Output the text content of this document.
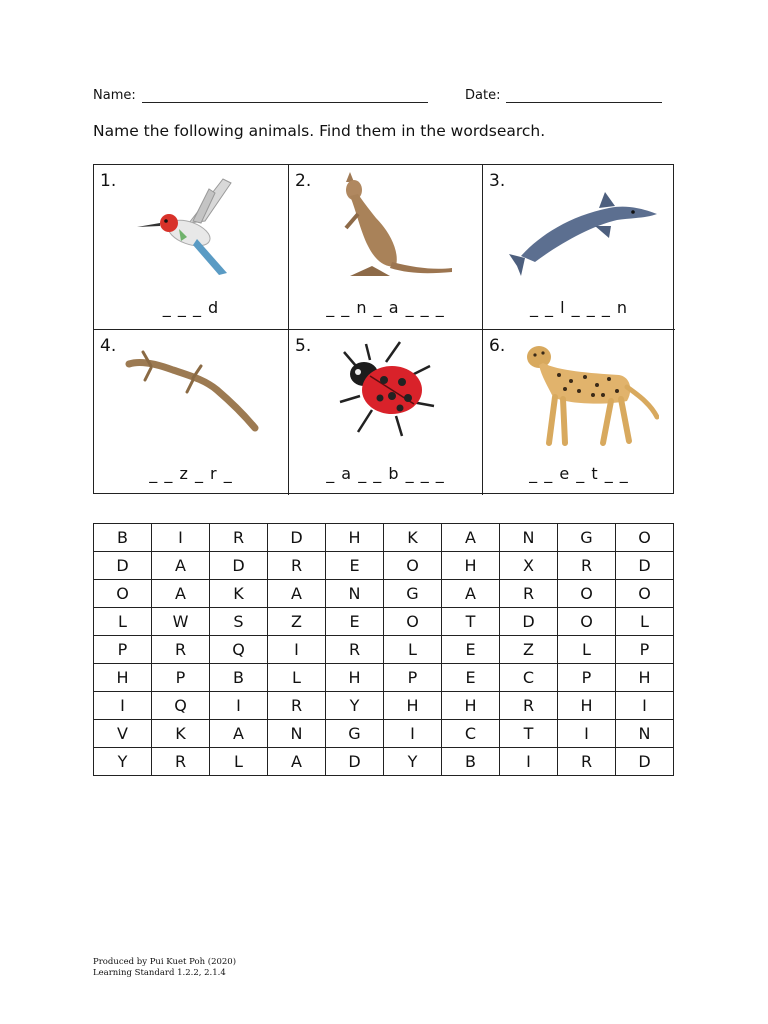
Name:	Date:
Name the following animals. Find them in the wordsearch.
1.
_ _ _ d
2.
_ _ n _ a _ _ _
3.
_ _ l _ _ _ n
4.
_ _ z _ r _
5.
_ a _ _ b _ _ _
6.
_ _ e _ t _ _
B	I	R	D	H	K	A	N	G	O
D	A	D	R	E	O	H	X	R	D
O	A	K	A	N	G	A	R	O	O
L	W	S	Z	E	O	T	D	O	L
P	R	Q	I	R	L	E	Z	L	P
H	P	B	L	H	P	E	C	P	H
I	Q	I	R	Y	H	H	R	H	I
V	K	A	N	G	I	C	T	I	N
Y	R	L	A	D	Y	B	I	R	D
Produced by Pui Kuet Poh (2020)
Learning Standard 1.2.2, 2.1.4
